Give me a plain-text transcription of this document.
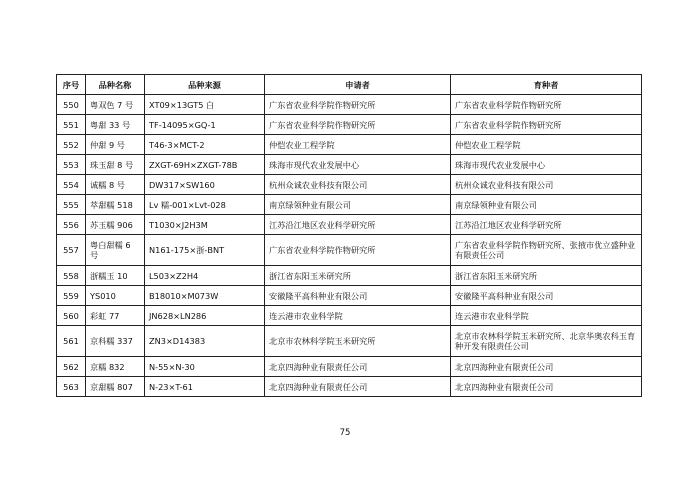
序号	品种名称	品种来源	申请者	育种者
550	粤双色 7 号	XT09×13GT5 白	广东省农业科学院作物研究所	广东省农业科学院作物研究所
551	粤甜 33 号	TF-14095×GQ-1	广东省农业科学院作物研究所	广东省农业科学院作物研究所
552	仲甜 9 号	T46-3×MCT-2	仲恺农业工程学院	仲恺农业工程学院
553	珠玉甜 8 号	ZXGT-69H×ZXGT-78B	珠海市现代农业发展中心	珠海市现代农业发展中心
554	诚糯 8 号	DW317×SW160	杭州众诚农业科技有限公司	杭州众诚农业科技有限公司
555	萃甜糯 518	Lv 糯-001×Lvt-028	南京绿领种业有限公司	南京绿领种业有限公司
556	苏玉糯 906	T1030×J2H3M	江苏沿江地区农业科学研究所	江苏沿江地区农业科学研究所
557	粤白甜糯 6 号	N161-175×浙-BNT	广东省农业科学院作物研究所	广东省农业科学院作物研究所、张掖市优立盛种业有限责任公司
558	浙糯玉 10	L503×Z2H4	浙江省东阳玉米研究所	浙江省东阳玉米研究所
559	YS010	B18010×M073W	安徽隆平高科种业有限公司	安徽隆平高科种业有限公司
560	彩虹 77	JN628×LN286	连云港市农业科学院	连云港市农业科学院
561	京科糯 337	ZN3×D14383	北京市农林科学院玉米研究所	北京市农林科学院玉米研究所、北京华奥农科玉育种开发有限责任公司
562	京糯 832	N-55×N-30	北京四海种业有限责任公司	北京四海种业有限责任公司
563	京甜糯 807	N-23×T-61	北京四海种业有限责任公司	北京四海种业有限责任公司
75
